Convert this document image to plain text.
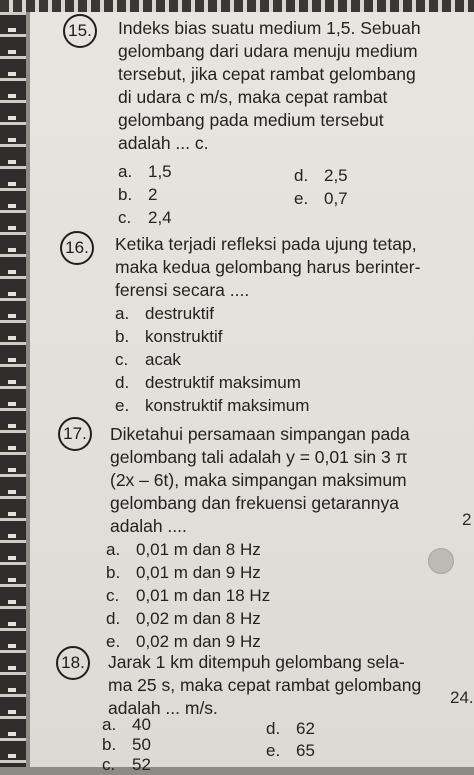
15. Indeks bias suatu medium 1,5. Sebuah
gelombang dari udara menuju medium
tersebut, jika cepat rambat gelombang
di udara c m/s, maka cepat rambat
gelombang pada medium tersebut
adalah ... c.
a. 1,5
b. 2
c. 2,4
d. 2,5
e. 0,7
16. Ketika terjadi refleksi pada ujung tetap,
maka kedua gelombang harus berinter-
ferensi secara ....
a. destruktif
b. konstruktif
c. acak
d. destruktif maksimum
e. konstruktif maksimum
17. Diketahui persamaan simpangan pada
gelombang tali adalah y = 0,01 sin 3 π
(2x – 6t), maka simpangan maksimum
gelombang dan frekuensi getarannya
adalah ....
a. 0,01 m dan 8 Hz
b. 0,01 m dan 9 Hz
c. 0,01 m dan 18 Hz
d. 0,02 m dan 8 Hz
e. 0,02 m dan 9 Hz
18. Jarak 1 km ditempuh gelombang sela-
ma 25 s, maka cepat rambat gelombang
adalah ... m/s.
a. 40
b. 50
c. 52
d. 62
e. 65
2
24.
